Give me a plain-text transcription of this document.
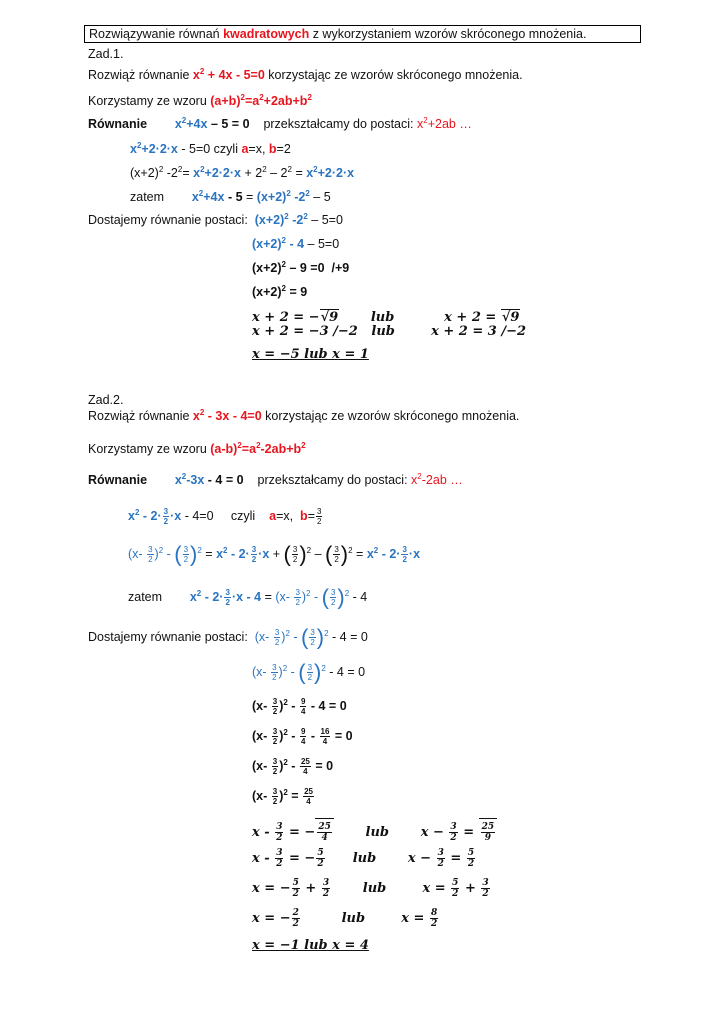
Rozwiązywanie równań kwadratowych z wykorzystaniem wzorów skróconego mnożenia.
Zad.1.
Rozwiąż równanie $x^2 + 4x - 5=0$ korzystając ze wzorów skróconego mnożenia.
Korzystamy ze wzoru $(a+b)^2=a^2+2ab+b^2$
Równanie $x^2+4x - 5 = 0$ przekształcamy do postaci: $x^2+2ab$ …
$x^2+2\cdot 2\cdot x - 5=0$ czyli a=x, b=2
$(x+2)^2$ $-2^2= x^2+2\cdot 2\cdot x + 2^2 - 2^2 = x^2+2\cdot 2\cdot x$
zatem $x^2+4x - 5 = (x+2)^2$ $-2^2 - 5$
Dostajemy równanie postaci:  $(x+2)^2$ $-2^2 - 5=0$
$(x+2)^2 - 4 - 5=0$
$(x+2)^2 - 9 =0$  /+9
$(x+2)^2 = 9$
x + 2 = −√9	lub           x + 2 = √9
x + 2 = −3 /−2   lub        x + 2 = 3 /−2
x = −5 lub x = 1
Zad.2.
Rozwiąż równanie $x^2 - 3x - 4=0$ korzystając ze wzorów skróconego mnożenia.
Korzystamy ze wzoru $(a-b)^2=a^2-2ab+b^2$
Równanie $x^2-3x - 4 = 0$ przekształcamy do postaci: $x^2-2ab$ …
$x^2 - 2\cdot \frac{3}{2} \cdot x - 4=0$     czyli a=x,  $b= \frac{3}{2}$
$(x- \frac{3}{2} )^2$ - ( $\frac{3}{2} )^2 = x^2 - 2\cdot \frac{3}{2} \cdot x$ + ( $\frac{3}{2} )^2$ – ( $\frac{3}{2} )^2 = x^2 - 2\cdot \frac{3}{2} \cdot x$
zatem $x^2 - 2\cdot \frac{3}{2} \cdot x - 4 = (x- \frac{3}{2} )^2$ - ( $\frac{3}{2} )^2 - 4$
Dostajemy równanie postaci:  $(x- \frac{3}{2} )^2$ - ( $\frac{3}{2} )^2 - 4 = 0$
$(x- \frac{3}{2} )^2$ - ( $\frac{3}{2} )^2 - 4 = 0$
$(x- \frac{3}{2} )^2 - \frac{9}{4} - 4 = 0$
$(x- \frac{3}{2} )^2 - \frac{9}{4} - \frac{16}{4} = 0$
$(x- \frac{3}{2} )^2 - \frac{25}{4} = 0$
$(x- \frac{3}{2} )^2 = \frac{25}{4}$
x - $\frac{3}{2}$ = − $\frac{25}{4}$	lub       $x - \frac{3}{2} = \frac{25}{9}$
x - $\frac{3}{2}$ = − $\frac{5}{2}$ lub       $x - \frac{3}{2} = \frac{5}{2}$
x = − $\frac{5}{2} + \frac{3}{2}$	lub        $x = \frac{5}{2} + \frac{3}{2}$
x = − $\frac{2}{2}$	lub        $x = \frac{8}{2}$
x = −1 lub x = 4
